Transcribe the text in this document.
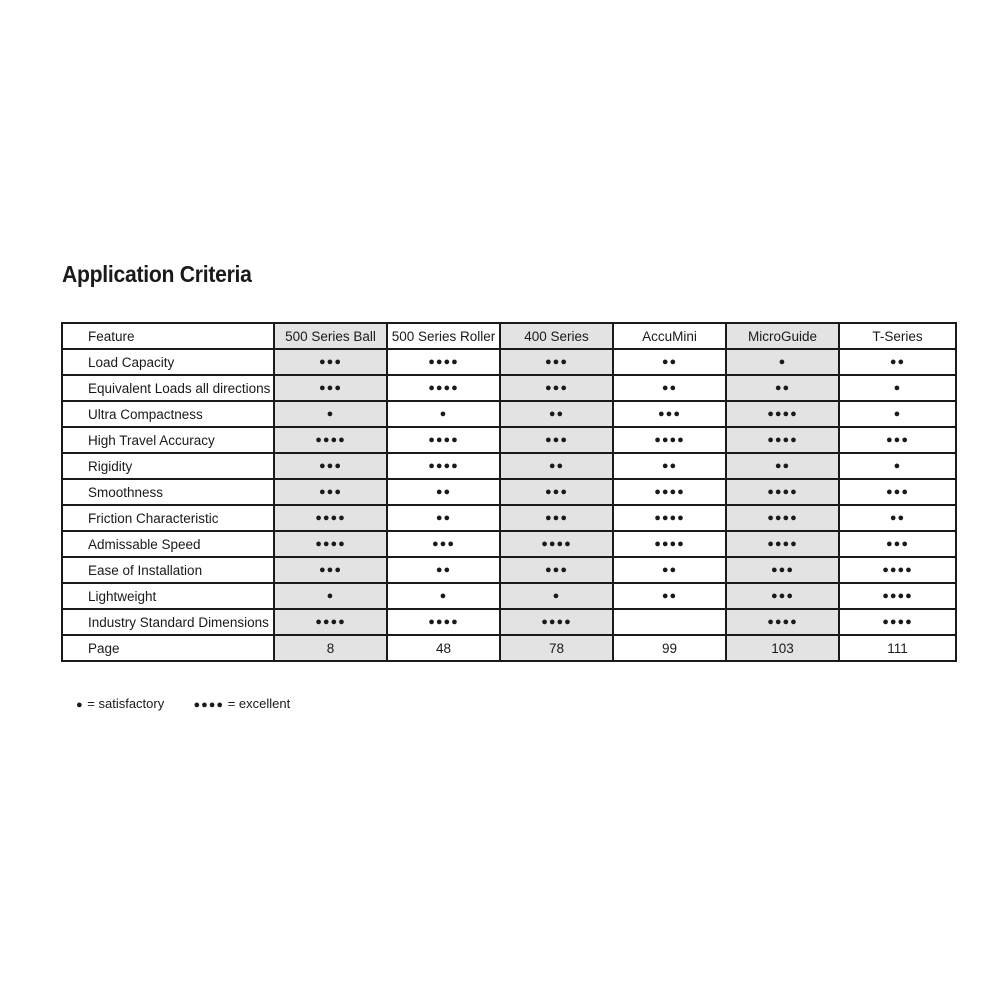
Application Criteria
Feature	500 Series Ball	500 Series Roller	400 Series	AccuMini	MicroGuide	T-Series
Load Capacity	●●●	●●●●	●●●	●●	●	●●
Equivalent Loads all directions	●●●	●●●●	●●●	●●	●●	●
Ultra Compactness	●	●	●●	●●●	●●●●	●
High Travel Accuracy	●●●●	●●●●	●●●	●●●●	●●●●	●●●
Rigidity	●●●	●●●●	●●	●●	●●	●
Smoothness	●●●	●●	●●●	●●●●	●●●●	●●●
Friction Characteristic	●●●●	●●	●●●	●●●●	●●●●	●●
Admissable Speed	●●●●	●●●	●●●●	●●●●	●●●●	●●●
Ease of Installation	●●●	●●	●●●	●●	●●●	●●●●
Lightweight	●	●	●	●●	●●●	●●●●
Industry Standard Dimensions	●●●●	●●●●	●●●●		●●●●	●●●●
Page	8	48	78	99	103	111
● = satisfactory	●●●● = excellent
